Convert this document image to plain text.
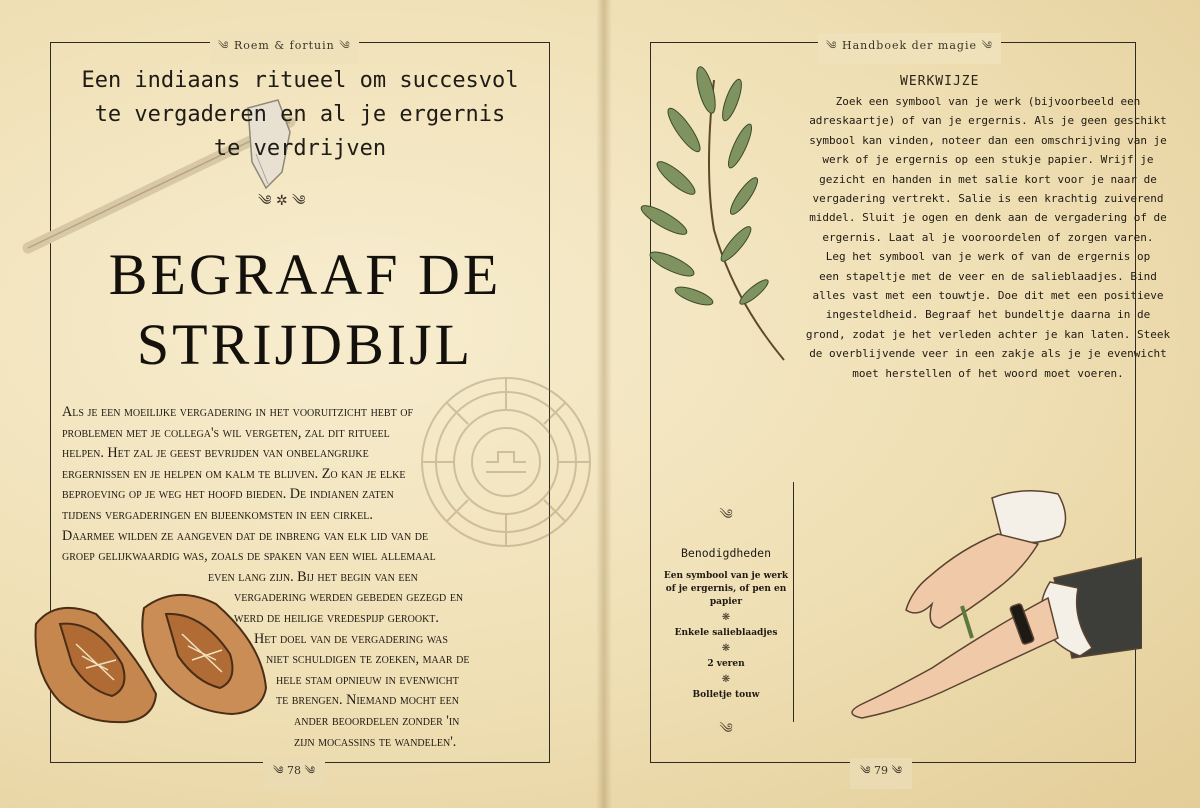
༄ Roem & fortuin ༄
Een indiaans ritueel om succesvol
te vergaderen en al je ergernis
te verdrijven
༄ ✲ ༄
BEGRAAF DE
STRIJDBIJL

Als je een moeilijke vergadering in het vooruitzicht hebt of
problemen met je collega's wil vergeten, zal dit ritueel
helpen. Het zal je geest bevrijden van onbelangrijke
ergernissen en je helpen om kalm te blijven. Zo kan je elke
beproeving op je weg het hoofd bieden. De indianen zaten
tijdens vergaderingen en bijeenkomsten in een cirkel.
Daarmee wilden ze aangeven dat de inbreng van elk lid van de
groep gelijkwaardig was, zoals de spaken van een wiel allemaal
even lang zijn. Bij het begin van een
vergadering werden gebeden gezegd en
werd de heilige vredespijp gerookt.
Het doel van de vergadering was
niet schuldigen te zoeken, maar de
hele stam opnieuw in evenwicht
te brengen. Niemand mocht een
ander beoordelen zonder 'in
zijn mocassins te wandelen'.

༄ 78 ༄
༄ Handboek der magie ༄
WERKWIJZE

Zoek een symbool van je werk (bijvoorbeeld een
adreskaartje) of van je ergernis. Als je geen geschikt
symbool kan vinden, noteer dan een omschrijving van je
werk of je ergernis op een stukje papier. Wrijf je
gezicht en handen in met salie kort voor je naar de
vergadering vertrekt. Salie is een krachtig zuiverend
middel. Sluit je ogen en denk aan de vergadering of de
ergernis. Laat al je vooroordelen of zorgen varen.
Leg het symbool van je werk of van de ergernis op
een stapeltje met de veer en de salieblaadjes. Bind
alles vast met een touwtje. Doe dit met een positieve
ingesteldheid. Begraaf het bundeltje daarna in de
grond, zodat je het verleden achter je kan laten. Steek
de overblijvende veer in een zakje als je je evenwicht
moet herstellen of het woord moet voeren.

༄
Benodigdheden
Een symbool van je werk of je ergernis, of pen en papier
❋
Enkele salieblaadjes
❋
2 veren
❋
Bolletje touw
༄
༄ 79 ༄
